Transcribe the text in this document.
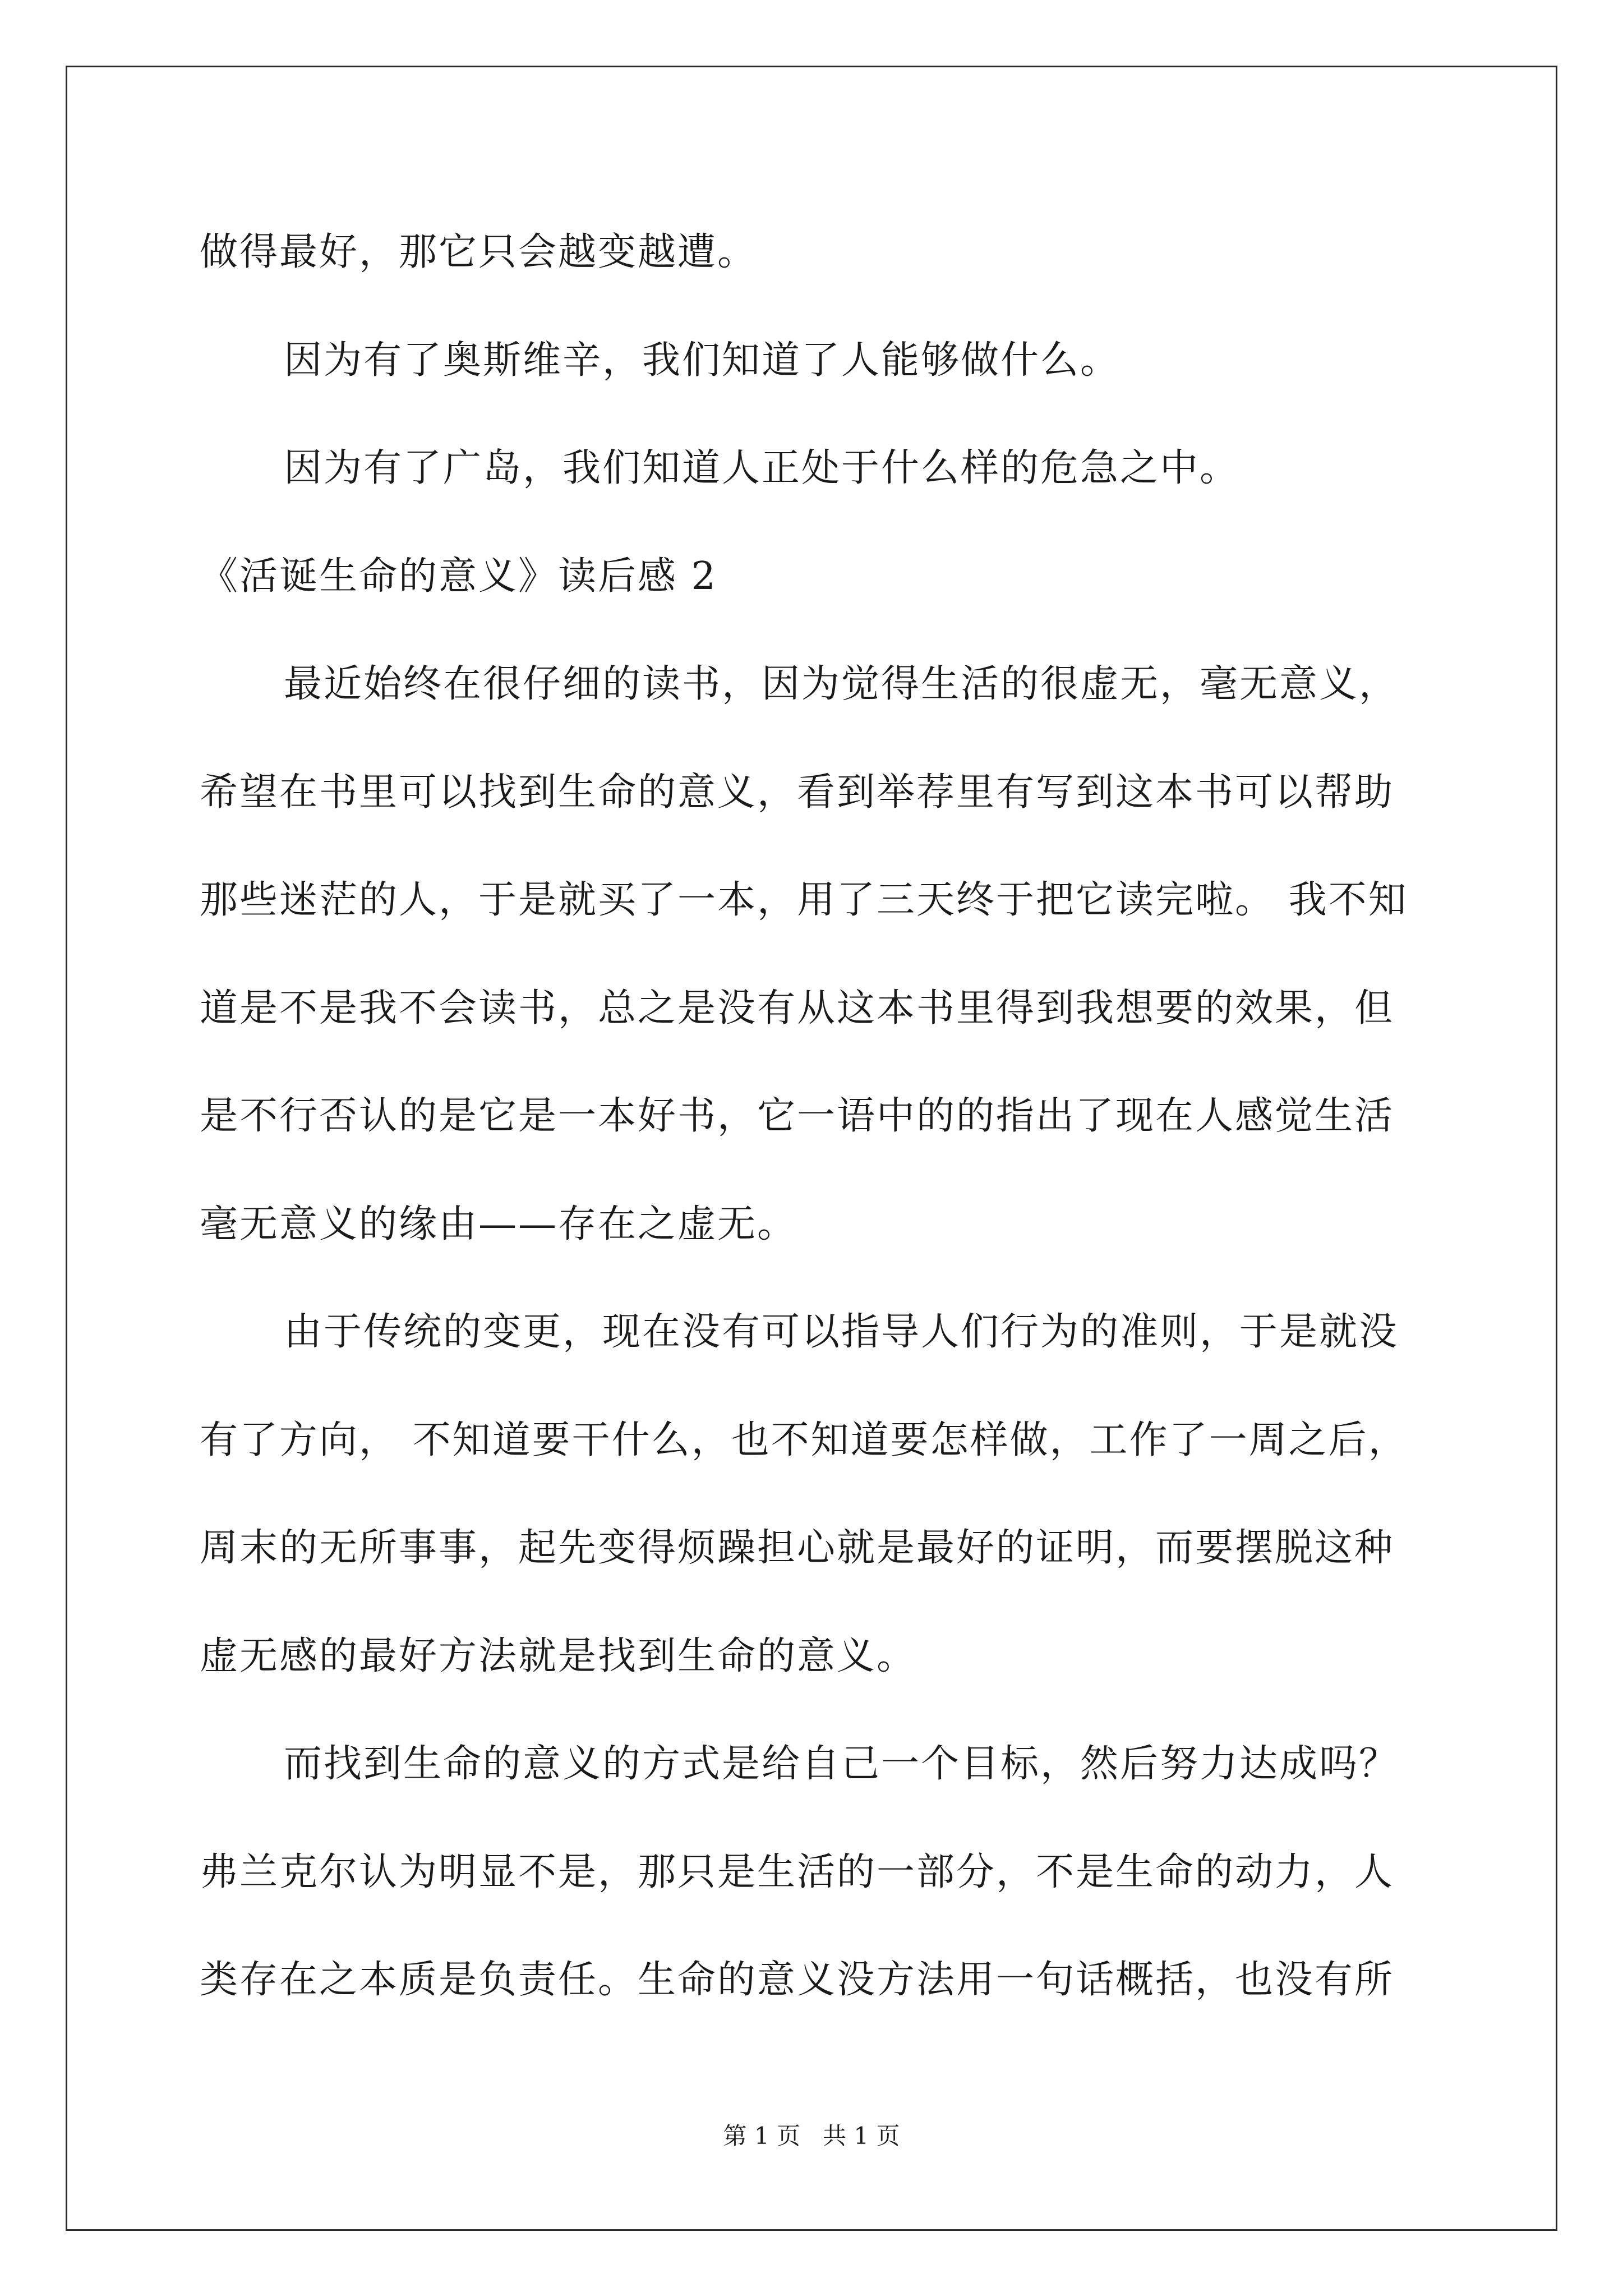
做得最好，那它只会越变越遭。
因为有了奥斯维辛，我们知道了人能够做什么。
因为有了广岛，我们知道人正处于什么样的危急之中。
《活诞生命的意义》读后感 2
最近始终在很仔细的读书，因为觉得生活的很虚无，毫无意义，
希望在书里可以找到生命的意义，看到举荐里有写到这本书可以帮助
那些迷茫的人，于是就买了一本，用了三天终于把它读完啦。 我不知
道是不是我不会读书，总之是没有从这本书里得到我想要的效果，但
是不行否认的是它是一本好书，它一语中的的指出了现在人感觉生活
毫无意义的缘由——存在之虚无。
由于传统的变更，现在没有可以指导人们行为的准则，于是就没
有了方向， 不知道要干什么，也不知道要怎样做，工作了一周之后，
周末的无所事事，起先变得烦躁担心就是最好的证明，而要摆脱这种
虚无感的最好方法就是找到生命的意义。
而找到生命的意义的方式是给自己一个目标，然后努力达成吗？
弗兰克尔认为明显不是，那只是生活的一部分，不是生命的动力，人
类存在之本质是负责任。生命的意义没方法用一句话概括，也没有所
第 1 页   共 1 页
